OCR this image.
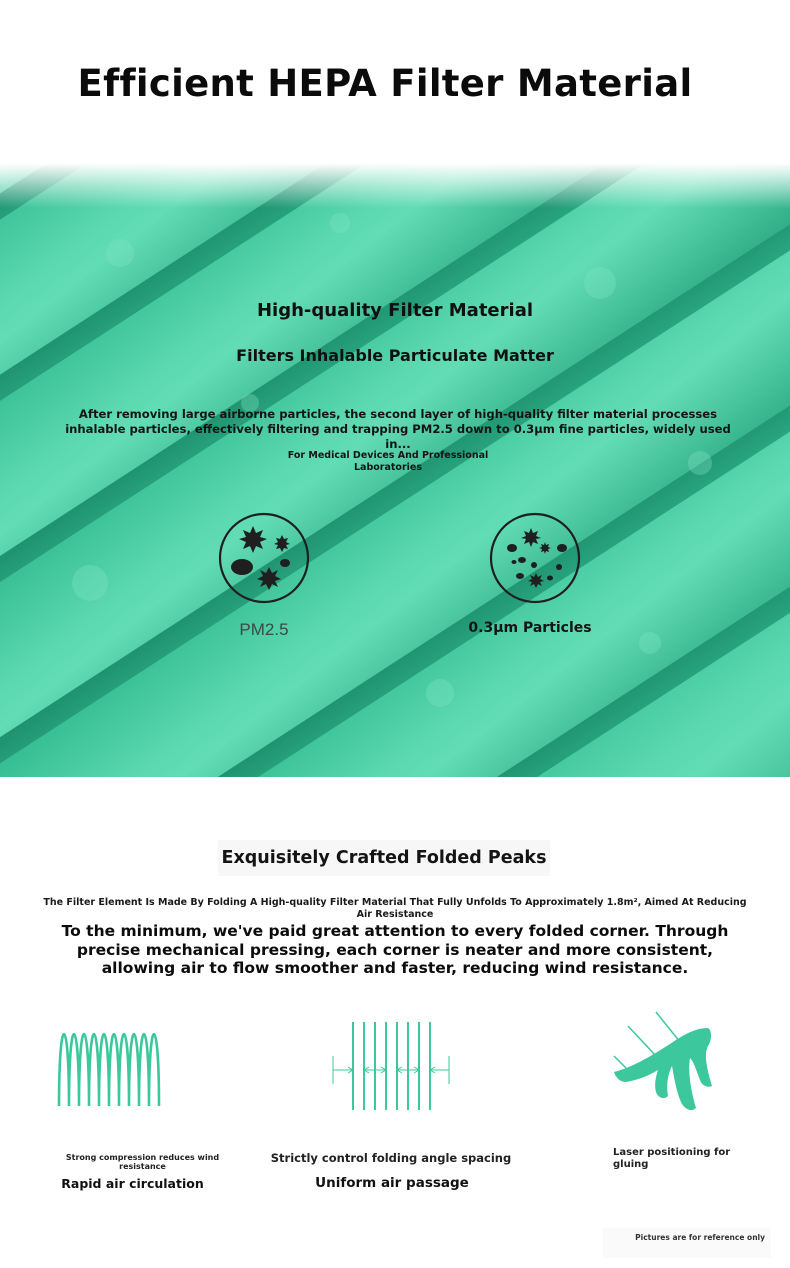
Efficient HEPA Filter Material
High-quality Filter Material
Filters Inhalable Particulate Matter
After removing large airborne particles, the second layer of high-quality filter material processes inhalable particles, effectively filtering and trapping PM2.5 down to 0.3μm fine particles, widely used in...
For Medical Devices And Professional Laboratories
PM2.5	0.3μm Particles
Exquisitely Crafted Folded Peaks
The Filter Element Is Made By Folding A High-quality Filter Material That Fully Unfolds To Approximately 1.8m², Aimed At Reducing Air Resistance
To the minimum, we've paid great attention to every folded corner. Through precise mechanical pressing, each corner is neater and more consistent, allowing air to flow smoother and faster, reducing wind resistance.
Strong compression reduces wind resistance
Rapid air circulation
Strictly control folding angle spacing
Uniform air passage
Laser positioning for gluing
Pictures are for reference only
